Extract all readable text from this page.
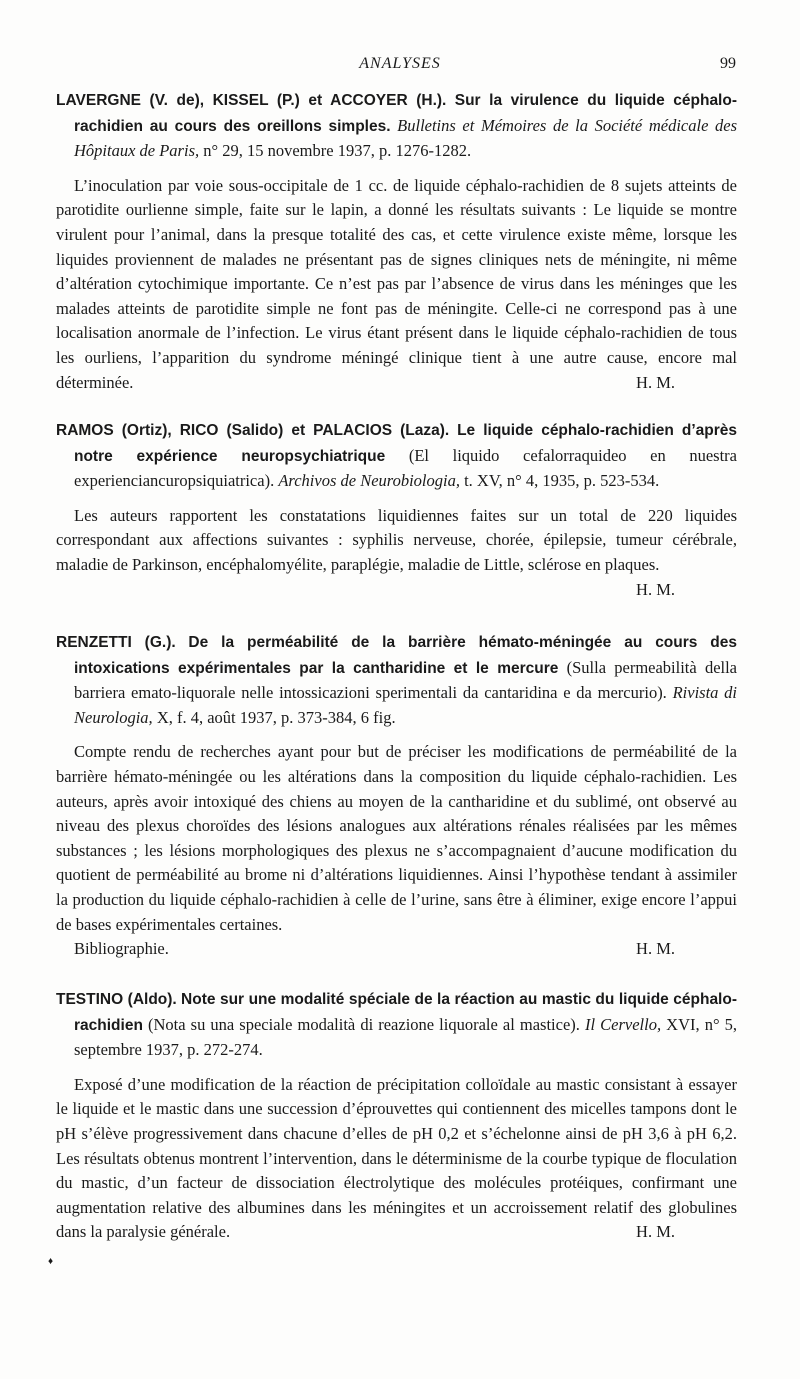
ANALYSES	99
LAVERGNE (V. de), KISSEL (P.) et ACCOYER (H.). Sur la virulence du liquide céphalo-rachidien au cours des oreillons simples. Bulletins et Mémoires de la Société médicale des Hôpitaux de Paris, n° 29, 15 novembre 1937, p. 1276-1282.
L’inoculation par voie sous-occipitale de 1 cc. de liquide céphalo-rachidien de 8 sujets atteints de parotidite ourlienne simple, faite sur le lapin, a donné les résultats suivants : Le liquide se montre virulent pour l’animal, dans la presque totalité des cas, et cette virulence existe même, lorsque les liquides proviennent de malades ne présentant pas de signes cliniques nets de méningite, ni même d’altération cytochimique importante. Ce n’est pas par l’absence de virus dans les méninges que les malades atteints de parotidite simple ne font pas de méningite. Celle-ci ne correspond pas à une localisation anormale de l’infection. Le virus étant présent dans le liquide céphalo-rachidien de tous les ourliens, l’apparition du syndrome méningé clinique tient à une autre cause, encore mal déterminée.	H. M.
RAMOS (Ortiz), RICO (Salido) et PALACIOS (Laza). Le liquide céphalo-rachidien d’après notre expérience neuropsychiatrique (El liquido cefalorraquideo en nuestra experienciancuropsiquiatrica). Archivos de Neurobiologia, t. XV, n° 4, 1935, p. 523-534.
Les auteurs rapportent les constatations liquidiennes faites sur un total de 220 liquides correspondant aux affections suivantes : syphilis nerveuse, chorée, épilepsie, tumeur cérébrale, maladie de Parkinson, encéphalomyélite, paraplégie, maladie de Little, sclérose en plaques.
H. M.
RENZETTI (G.). De la perméabilité de la barrière hémato-méningée au cours des intoxications expérimentales par la cantharidine et le mercure (Sulla permeabilità della barriera emato-liquorale nelle intossicazioni sperimentali da cantaridina e da mercurio). Rivista di Neurologia, X, f. 4, août 1937, p. 373-384, 6 fig.
Compte rendu de recherches ayant pour but de préciser les modifications de perméabilité de la barrière hémato-méningée ou les altérations dans la composition du liquide céphalo-rachidien. Les auteurs, après avoir intoxiqué des chiens au moyen de la cantharidine et du sublimé, ont observé au niveau des plexus choroïdes des lésions analogues aux altérations rénales réalisées par les mêmes substances ; les lésions morphologiques des plexus ne s’accompagnaient d’aucune modification du quotient de perméabilité au brome ni d’altérations liquidiennes. Ainsi l’hypothèse tendant à assimiler la production du liquide céphalo-rachidien à celle de l’urine, sans être à éliminer, exige encore l’appui de bases expérimentales certaines.
Bibliographie.	H. M.
TESTINO (Aldo). Note sur une modalité spéciale de la réaction au mastic du liquide céphalo-rachidien (Nota su una speciale modalità di reazione liquorale al mastice). Il Cervello, XVI, n° 5, septembre 1937, p. 272-274.
Exposé d’une modification de la réaction de précipitation colloïdale au mastic consistant à essayer le liquide et le mastic dans une succession d’éprouvettes qui contiennent des micelles tampons dont le pH s’élève progressivement dans chacune d’elles de pH 0,2 et s’échelonne ainsi de pH 3,6 à pH 6,2. Les résultats obtenus montrent l’intervention, dans le déterminisme de la courbe typique de floculation du mastic, d’un facteur de dissociation électrolytique des molécules protéiques, confirmant une augmentation relative des albumines dans les méningites et un accroissement relatif des globulines dans la paralysie générale.	H. M.
♦
